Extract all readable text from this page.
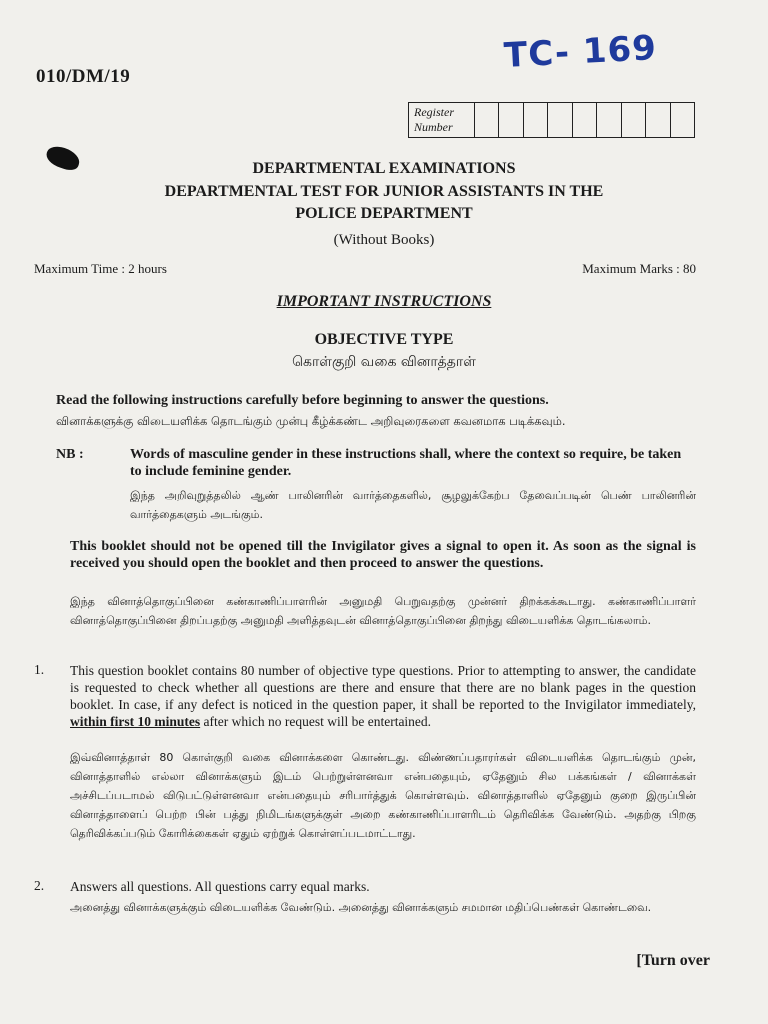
010/DM/19
TC- 169
Register
Number
DEPARTMENTAL EXAMINATIONS
DEPARTMENTAL TEST FOR JUNIOR ASSISTANTS IN THE
POLICE DEPARTMENT
(Without Books)
Maximum Time : 2 hours	Maximum Marks : 80
IMPORTANT INSTRUCTIONS
OBJECTIVE TYPE
கொள்குறி வகை வினாத்தாள்
Read the following instructions carefully before beginning to answer the questions.
வினாக்களுக்கு விடையளிக்க தொடங்கும் முன்பு கீழ்க்கண்ட அறிவுரைகளை கவனமாக படிக்கவும்.
NB :	Words of masculine gender in these instructions shall, where the context so require, be taken to include feminine gender.
இந்த அறிவுறுத்தலில் ஆண் பாலினரின் வார்த்தைகளில், சூழலுக்கேற்ப தேவைப்படின் பெண் பாலினரின் வார்த்தைகளும் அடங்கும்.
This booklet should not be opened till the Invigilator gives a signal to open it. As soon as the signal is received you should open the booklet and then proceed to answer the questions.
இந்த வினாத்தொகுப்பினை கண்காணிப்பாளரின் அனுமதி பெறுவதற்கு முன்னர் திறக்கக்கூடாது. கண்காணிப்பாளர் வினாத்தொகுப்பினை திறப்பதற்கு அனுமதி அளித்தவுடன் வினாத்தொகுப்பினை திறந்து விடையளிக்க தொடங்கலாம்.
1. This question booklet contains 80 number of objective type questions. Prior to attempting to answer, the candidate is requested to check whether all questions are there and ensure that there are no blank pages in the question booklet. In case, if any defect is noticed in the question paper, it shall be reported to the Invigilator immediately, within first 10 minutes after which no request will be entertained.
இவ்வினாத்தாள் 80 கொள்குறி வகை வினாக்களை கொண்டது. விண்ணப்பதாரர்கள் விடையளிக்க தொடங்கும் முன், வினாத்தாளில் எல்லா வினாக்களும் இடம் பெற்றுள்ளனவா என்பதையும், ஏதேனும் சில பக்கங்கள் / வினாக்கள் அச்சிடப்படாமல் விடுபட்டுள்ளனவா என்பதையும் சரிபார்த்துக் கொள்ளவும். வினாத்தாளில் ஏதேனும் குறை இருப்பின் வினாத்தாளைப் பெற்ற பின் பத்து நிமிடங்களுக்குள் அறை கண்காணிப்பாளரிடம் தெரிவிக்க வேண்டும். அதற்கு பிறகு தெரிவிக்கப்படும் கோரிக்கைகள் ஏதும் ஏற்றுக் கொள்ளப்படமாட்டாது.
2. Answers all questions. All questions carry equal marks.
அனைத்து வினாக்களுக்கும் விடையளிக்க வேண்டும். அனைத்து வினாக்களும் சமமான மதிப்பெண்கள் கொண்டவை.
[Turn over
